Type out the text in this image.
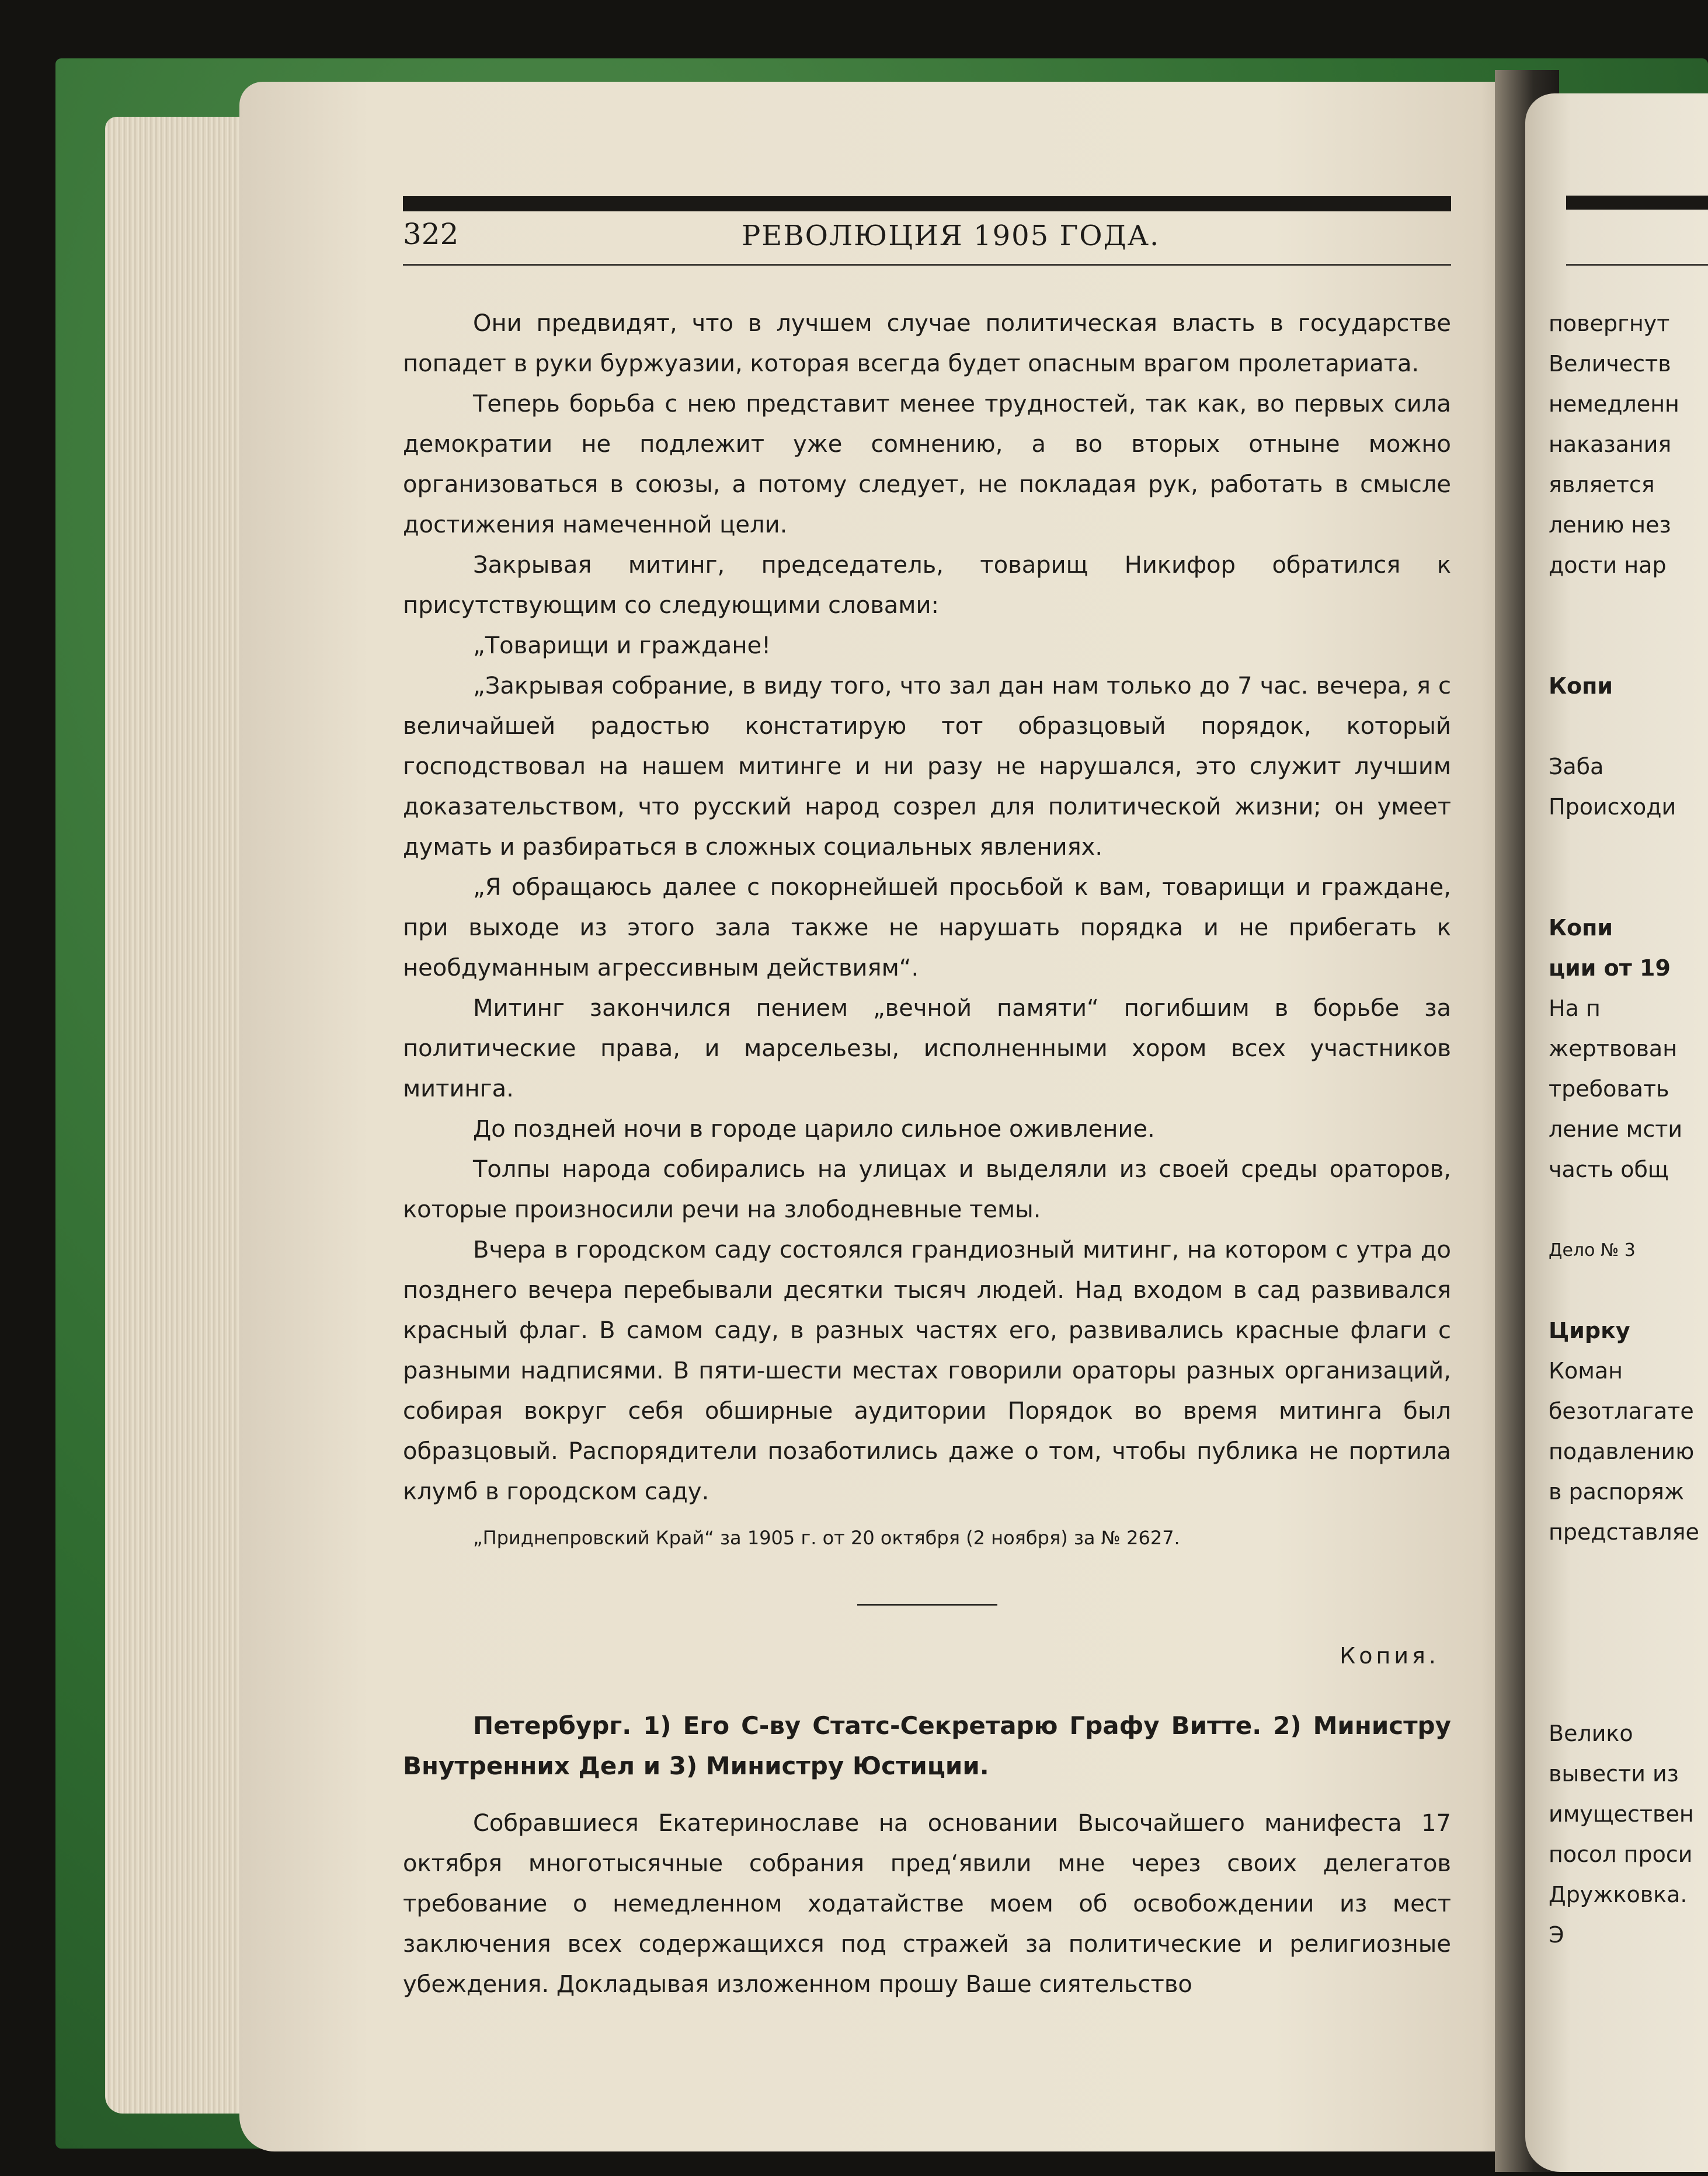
322	РЕВОЛЮЦИЯ 1905 ГОДА.

Они предвидят, что в лучшем случае политическая власть в государстве попадет в руки буржуазии, которая всегда будет опасным врагом пролетариата.

Теперь борьба с нею представит менее трудностей, так как, во первых сила демократии не подлежит уже сомнению, а во вторых отныне можно организоваться в союзы, а потому следует, не покладая рук, работать в смысле достижения намеченной цели.

Закрывая митинг, председатель, товарищ Никифор обратился к присутствующим со следующими словами:

„Товарищи и граждане!

„Закрывая собрание, в виду того, что зал дан нам только до 7 час. вечера, я с величайшей радостью констатирую тот образцовый порядок, который господствовал на нашем митинге и ни разу не нарушался, это служит лучшим доказательством, что русский народ созрел для политической жизни; он умеет думать и разбираться в сложных социальных явлениях.

„Я обращаюсь далее с покорнейшей просьбой к вам, товарищи и граждане, при выходе из этого зала также не нарушать порядка и не прибегать к необдуманным агрессивным действиям“.

Митинг закончился пением „вечной памяти“ погибшим в борьбе за политические права, и марсельезы, исполненными хором всех участников митинга.

До поздней ночи в городе царило сильное оживление.

Толпы народа собирались на улицах и выделяли из своей среды ораторов, которые произносили речи на злободневные темы.

Вчера в городском саду состоялся грандиозный митинг, на котором с утра до позднего вечера перебывали десятки тысяч людей. Над входом в сад развивался красный флаг. В самом саду, в разных частях его, развивались красные флаги с разными надписями. В пяти-шести местах говорили ораторы разных организаций, собирая вокруг себя обширные аудитории Порядок во время митинга был образцовый. Распорядители позаботились даже о том, чтобы публика не портила клумб в городском саду.

„Приднепровский Край“ за 1905 г. от 20 октября (2 ноября) за № 2627.

Копия.

Петербург. 1) Его С-ву Статс-Секретарю Графу Витте. 2) Министру Внутренних Дел и 3) Министру Юстиции.

Собравшиеся Екатеринославе на основании Высочайшего манифеста 17 октября многотысячные собрания пред‘явили мне через своих делегатов требование о немедленном ходатайстве моем об освобождении из мест заключения всех содержащихся под стражей за политические и религиозные убеждения. Докладывая изложенном прошу Ваше сиятельство

повергнут
Величеств
немедленн
наказания
является
лению нез
дости нар
Копи
Заба
Происходи
Копи
ции от 19
На п
жертвован
требовать
ление мсти
часть общ
Дело № 3
Цирку
Коман
безотлагате
подавлению
в распоряж
представляе
Велико
вывести из
имуществен
посол проси
Дружковка.
Э
